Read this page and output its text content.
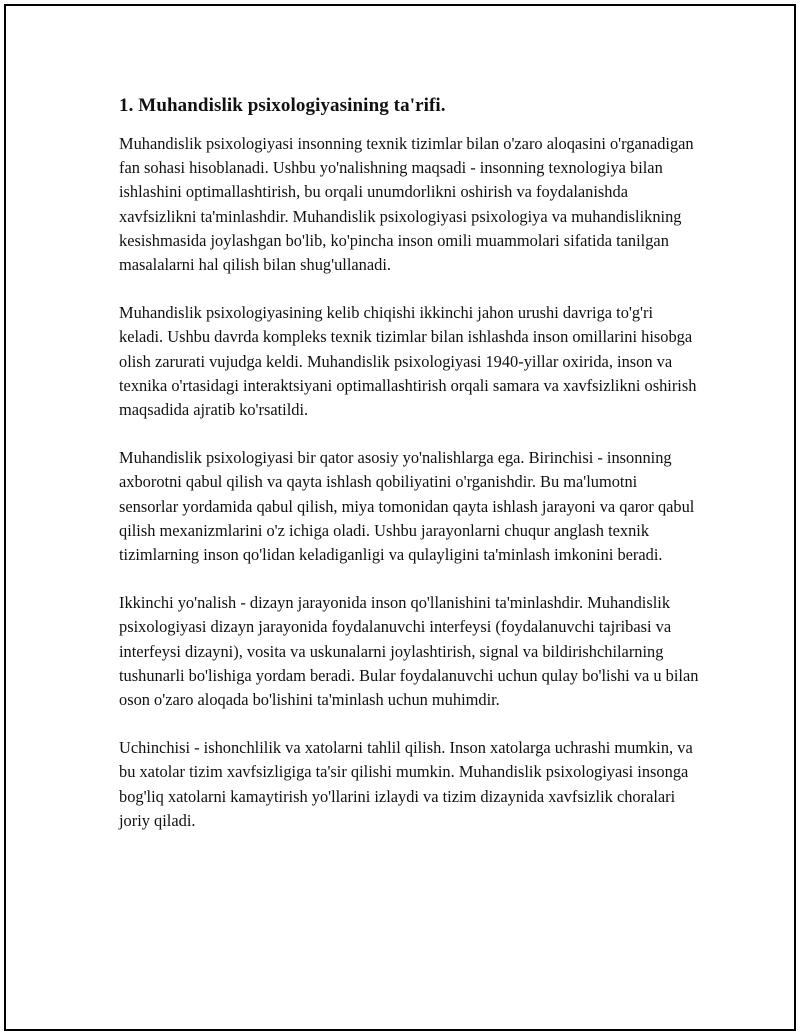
1. Muhandislik psixologiyasining ta'rifi.

Muhandislik psixologiyasi insonning texnik tizimlar bilan o'zaro aloqasini o'rganadigan fan sohasi hisoblanadi. Ushbu yo'nalishning maqsadi - insonning texnologiya bilan ishlashini optimallashtirish, bu orqali unumdorlikni oshirish va foydalanishda xavfsizlikni ta'minlashdir. Muhandislik psixologiyasi psixologiya va muhandislikning kesishmasida joylashgan bo'lib, ko'pincha inson omili muammolari sifatida tanilgan masalalarni hal qilish bilan shug'ullanadi.

Muhandislik psixologiyasining kelib chiqishi ikkinchi jahon urushi davriga to'g'ri keladi. Ushbu davrda kompleks texnik tizimlar bilan ishlashda inson omillarini hisobga olish zarurati vujudga keldi. Muhandislik psixologiyasi 1940-yillar oxirida, inson va texnika o'rtasidagi interaktsiyani optimallashtirish orqali samara va xavfsizlikni oshirish maqsadida ajratib ko'rsatildi.

Muhandislik psixologiyasi bir qator asosiy yo'nalishlarga ega. Birinchisi - insonning axborotni qabul qilish va qayta ishlash qobiliyatini o'rganishdir. Bu ma'lumotni sensorlar yordamida qabul qilish, miya tomonidan qayta ishlash jarayoni va qaror qabul qilish mexanizmlarini o'z ichiga oladi. Ushbu jarayonlarni chuqur anglash texnik tizimlarning inson qo'lidan keladiganligi va qulayligini ta'minlash imkonini beradi.

Ikkinchi yo'nalish - dizayn jarayonida inson qo'llanishini ta'minlashdir. Muhandislik psixologiyasi dizayn jarayonida foydalanuvchi interfeysi (foydalanuvchi tajribasi va interfeysi dizayni), vosita va uskunalarni joylashtirish, signal va bildirishchilarning tushunarli bo'lishiga yordam beradi. Bular foydalanuvchi uchun qulay bo'lishi va u bilan oson o'zaro aloqada bo'lishini ta'minlash uchun muhimdir.

Uchinchisi - ishonchlilik va xatolarni tahlil qilish. Inson xatolarga uchrashi mumkin, va bu xatolar tizim xavfsizligiga ta'sir qilishi mumkin. Muhandislik psixologiyasi insonga bog'liq xatolarni kamaytirish yo'llarini izlaydi va tizim dizaynida xavfsizlik choralari joriy qiladi.
